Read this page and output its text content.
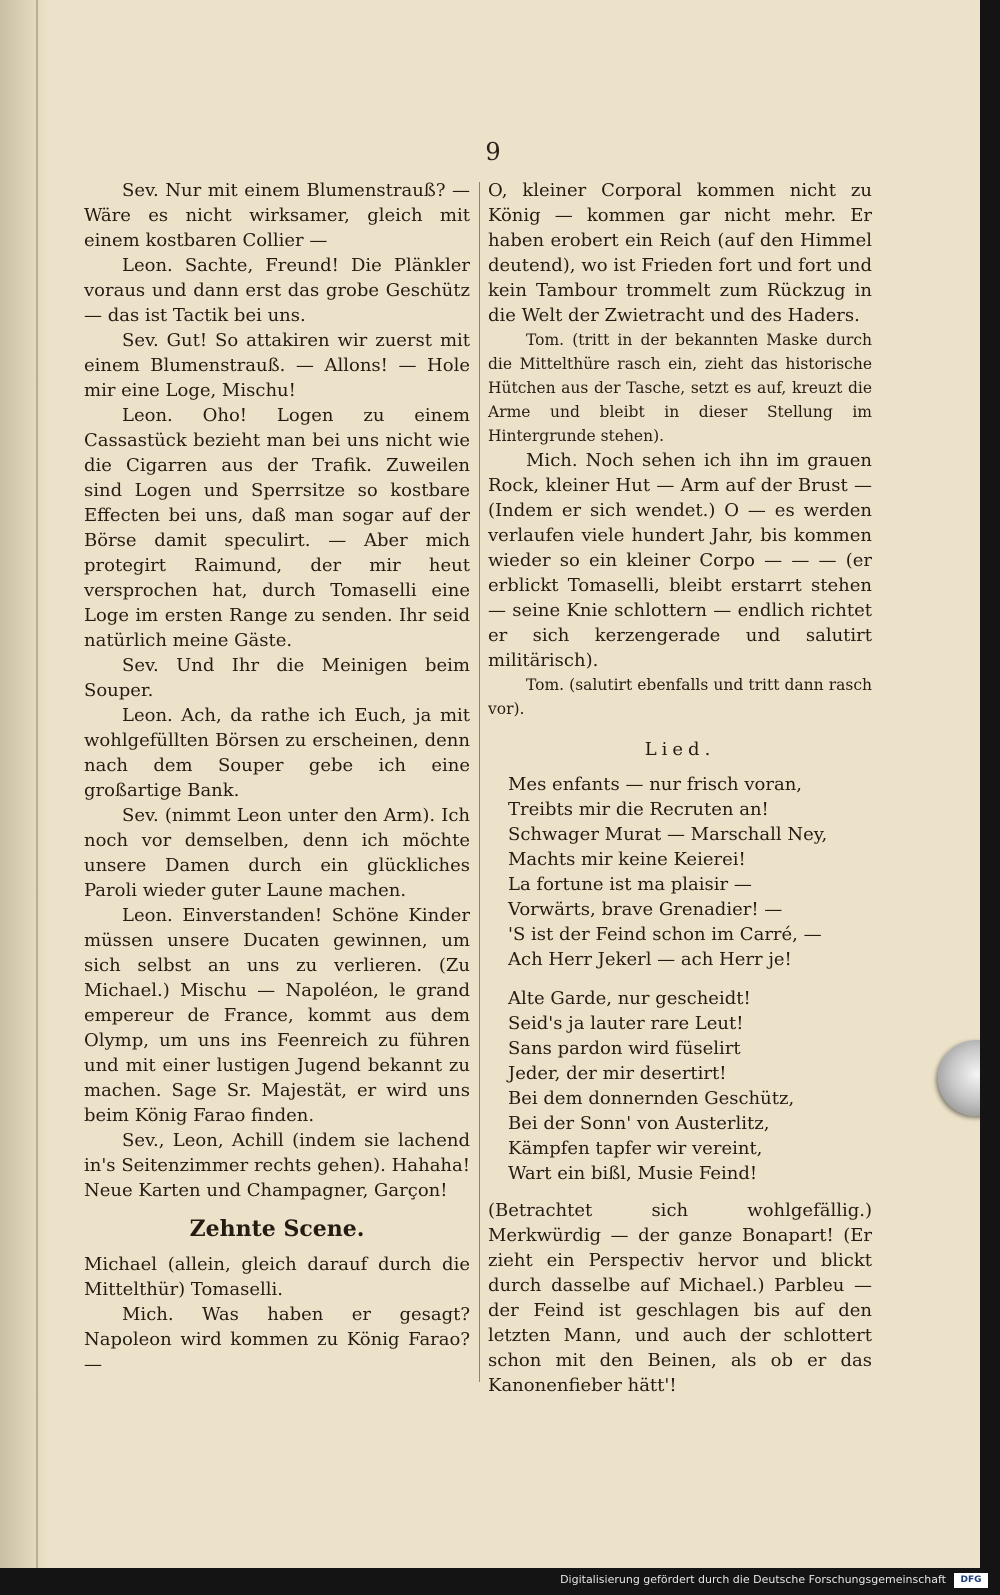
9

Sev. Nur mit einem Blumenstrauß? — Wäre es nicht wirksamer, gleich mit einem kostbaren Collier —

Leon. Sachte, Freund! Die Plänkler voraus und dann erst das grobe Geschütz — das ist Tactik bei uns.

Sev. Gut! So attakiren wir zuerst mit einem Blumenstrauß. — Allons! — Hole mir eine Loge, Mischu!

Leon. Oho! Logen zu einem Cassastück bezieht man bei uns nicht wie die Cigarren aus der Trafik. Zuweilen sind Logen und Sperrsitze so kostbare Effecten bei uns, daß man sogar auf der Börse damit speculirt. — Aber mich protegirt Raimund, der mir heut versprochen hat, durch Tomaselli eine Loge im ersten Range zu senden. Ihr seid natürlich meine Gäste.

Sev. Und Ihr die Meinigen beim Souper.

Leon. Ach, da rathe ich Euch, ja mit wohlgefüllten Börsen zu erscheinen, denn nach dem Souper gebe ich eine großartige Bank.

Sev. (nimmt Leon unter den Arm). Ich noch vor demselben, denn ich möchte unsere Damen durch ein glückliches Paroli wieder guter Laune machen.

Leon. Einverstanden! Schöne Kinder müssen unsere Ducaten gewinnen, um sich selbst an uns zu verlieren. (Zu Michael.) Mischu — Napoléon, le grand empereur de France, kommt aus dem Olymp, um uns ins Feenreich zu führen und mit einer lustigen Jugend bekannt zu machen. Sage Sr. Majestät, er wird uns beim König Farao finden.

Sev., Leon, Achill (indem sie lachend in's Seitenzimmer rechts gehen). Hahaha! Neue Karten und Champagner, Garçon!

Zehnte Scene.

Michael (allein, gleich darauf durch die Mittelthür) Tomaselli.

Mich. Was haben er gesagt? Napoleon wird kommen zu König Farao? —

O, kleiner Corporal kommen nicht zu König — kommen gar nicht mehr. Er haben erobert ein Reich (auf den Himmel deutend), wo ist Frieden fort und fort und kein Tambour trommelt zum Rückzug in die Welt der Zwietracht und des Haders.

Tom. (tritt in der bekannten Maske durch die Mittelthüre rasch ein, zieht das historische Hütchen aus der Tasche, setzt es auf, kreuzt die Arme und bleibt in dieser Stellung im Hintergrunde stehen).

Mich. Noch sehen ich ihn im grauen Rock, kleiner Hut — Arm auf der Brust — (Indem er sich wendet.) O — es werden verlaufen viele hundert Jahr, bis kommen wieder so ein kleiner Corpo — — — (er erblickt Tomaselli, bleibt erstarrt stehen — seine Knie schlottern — endlich richtet er sich kerzengerade und salutirt militärisch).

Tom. (salutirt ebenfalls und tritt dann rasch vor).

Lied.

Mes enfants — nur frisch voran,
Treibts mir die Recruten an!
Schwager Murat — Marschall Ney,
Machts mir keine Keierei!
La fortune ist ma plaisir —
Vorwärts, brave Grenadier! —
'S ist der Feind schon im Carré, —
Ach Herr Jekerl — ach Herr je!
Alte Garde, nur gescheidt!
Seid's ja lauter rare Leut!
Sans pardon wird füselirt
Jeder, der mir desertirt!
Bei dem donnernden Geschütz,
Bei der Sonn' von Austerlitz,
Kämpfen tapfer wir vereint,
Wart ein bißl, Musie Feind!

(Betrachtet sich wohlgefällig.) Merkwürdig — der ganze Bonapart! (Er zieht ein Perspectiv hervor und blickt durch dasselbe auf Michael.) Parbleu — der Feind ist geschlagen bis auf den letzten Mann, und auch der schlottert schon mit den Beinen, als ob er das Kanonenfieber hätt'!

Digitalisierung gefördert durch die Deutsche Forschungsgemeinschaft	DFG
